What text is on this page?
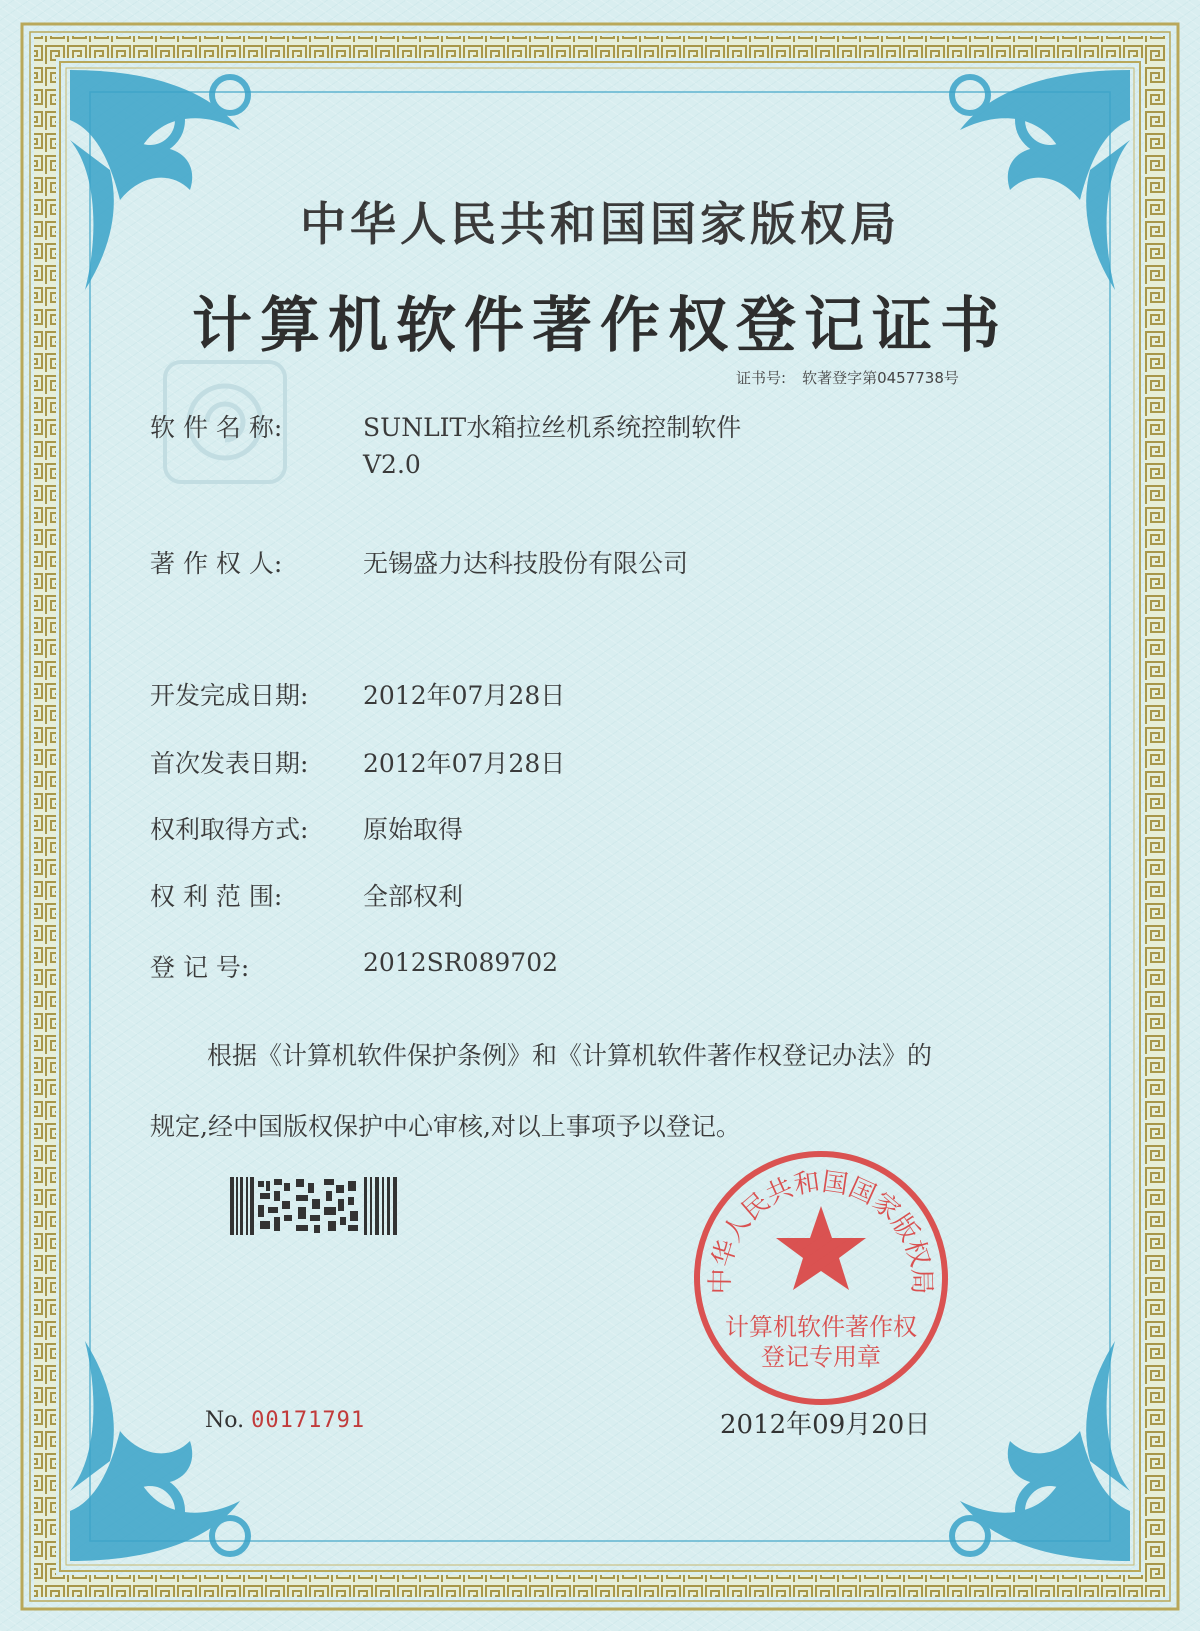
中华人民共和国国家版权局
计算机软件著作权登记证书
证书号: 软著登字第0457738号
软 件 名 称:	SUNLIT水箱拉丝机系统控制软件
V2.0
著 作 权 人:	无锡盛力达科技股份有限公司
开发完成日期: 2012年07月28日
首次发表日期: 2012年07月28日
权利取得方式: 原始取得
权 利 范 围:	全部权利
登 记 号:	2012SR089702
根据《计算机软件保护条例》和《计算机软件著作权登记办法》的
规定,经中国版权保护中心审核,对以上事项予以登记。
No. 00171791
中华人民共和国国家版权局
计算机软件著作权
登记专用章
2012年09月20日
